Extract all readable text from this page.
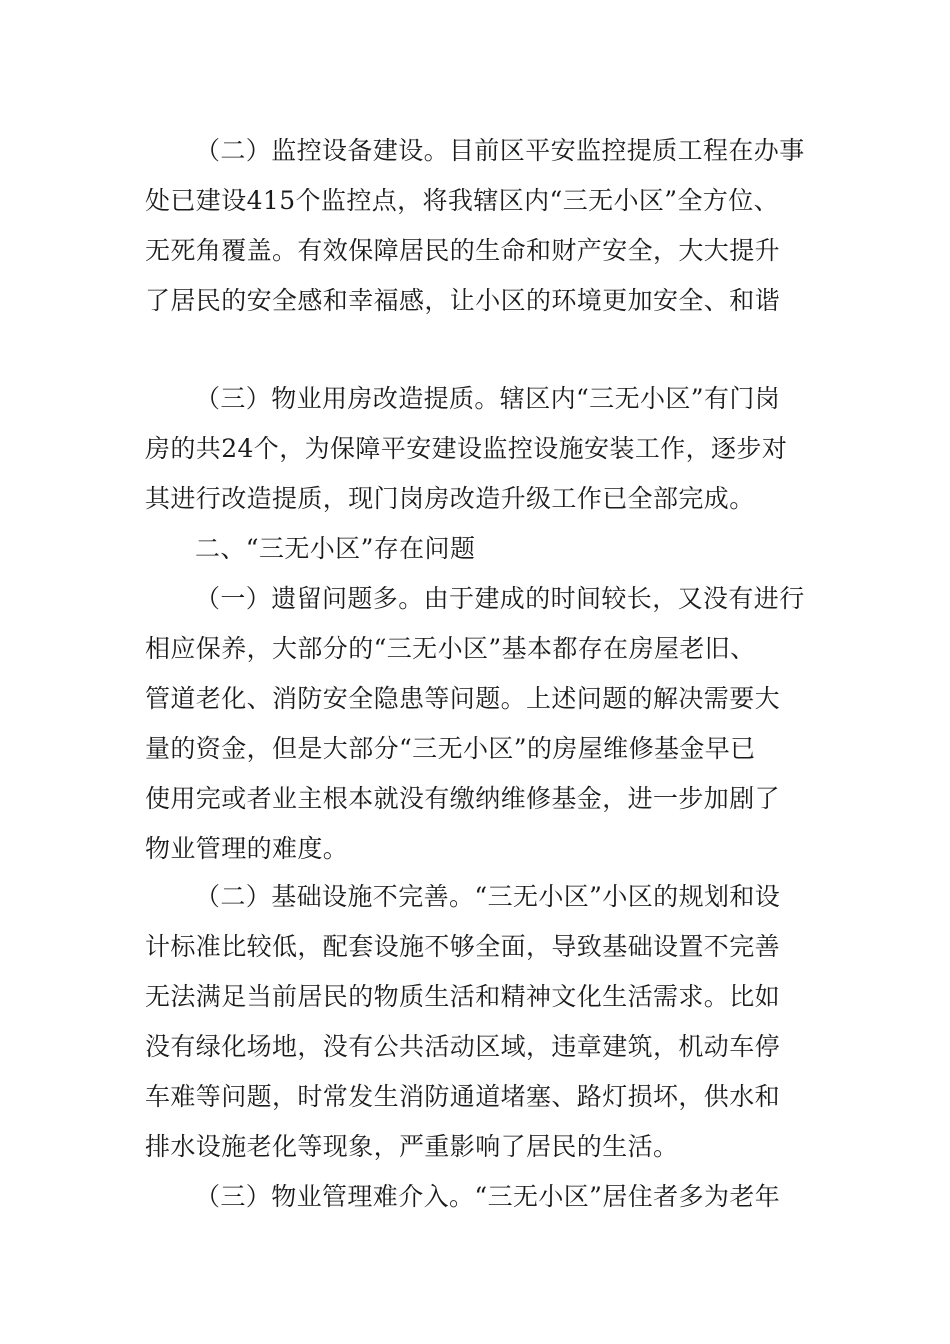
（二）监控设备建设。目前区平安监控提质工程在办事

处已建设415个监控点，将我辖区内“三无小区”全方位、

无死角覆盖。有效保障居民的生命和财产安全，大大提升

了居民的安全感和幸福感，让小区的环境更加安全、和谐

（三）物业用房改造提质。辖区内“三无小区”有门岗

房的共24个，为保障平安建设监控设施安装工作，逐步对

其进行改造提质，现门岗房改造升级工作已全部完成。

二、“三无小区”存在问题

（一）遗留问题多。由于建成的时间较长，又没有进行

相应保养，大部分的“三无小区”基本都存在房屋老旧、

管道老化、消防安全隐患等问题。上述问题的解决需要大

量的资金，但是大部分“三无小区”的房屋维修基金早已

使用完或者业主根本就没有缴纳维修基金，进一步加剧了

物业管理的难度。

（二）基础设施不完善。“三无小区”小区的规划和设

计标准比较低，配套设施不够全面，导致基础设置不完善

无法满足当前居民的物质生活和精神文化生活需求。比如

没有绿化场地，没有公共活动区域，违章建筑，机动车停

车难等问题，时常发生消防通道堵塞、路灯损坏，供水和

排水设施老化等现象，严重影响了居民的生活。

（三）物业管理难介入。“三无小区”居住者多为老年
